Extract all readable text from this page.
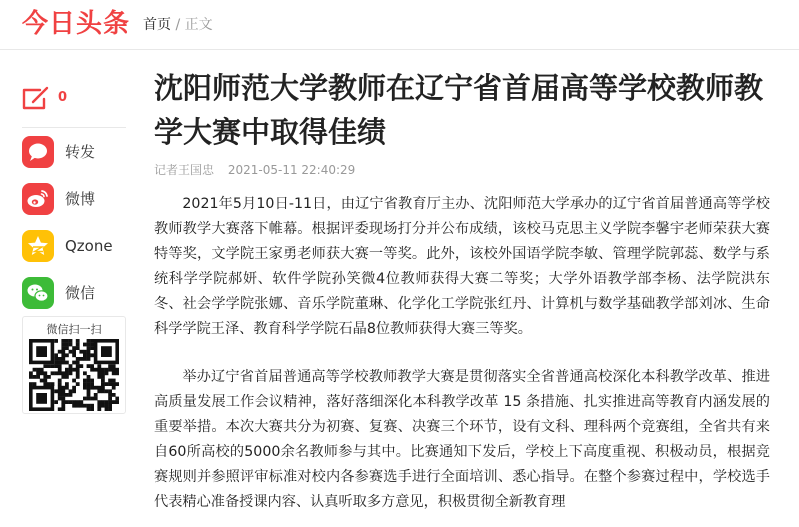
今日头条 首页 / 正文
0
转发
微博
Qzone
微信
微信扫一扫
沈阳师范大学教师在辽宁省首届高等学校教师教学大赛中取得佳绩
记者王国忠 2021-05-11 22:40:29

2021年5月10日-11日，由辽宁省教育厅主办、沈阳师范大学承办的辽宁省首届普通高等学校教师教学大赛落下帷幕。根据评委现场打分并公布成绩，该校马克思主义学院李馨宇老师荣获大赛特等奖，文学院王家勇老师获大赛一等奖。此外，该校外国语学院李敏、管理学院郭蕊、数学与系统科学学院郝妍、软件学院孙笑微4位教师获得大赛二等奖；大学外语教学部李杨、法学院洪东冬、社会学学院张娜、音乐学院董琳、化学化工学院张红丹、计算机与数学基础教学部刘冰、生命科学学院王泽、教育科学学院石晶8位教师获得大赛三等奖。

举办辽宁省首届普通高等学校教师教学大赛是贯彻落实全省普通高校深化本科教学改革、推进高质量发展工作会议精神，落好落细深化本科教学改革 15 条措施、扎实推进高等教育内涵发展的重要举措。本次大赛共分为初赛、复赛、决赛三个环节，设有文科、理科两个竞赛组，全省共有来自60所高校的5000余名教师参与其中。比赛通知下发后，学校上下高度重视、积极动员，根据竞赛规则并参照评审标准对校内各参赛选手进行全面培训、悉心指导。在整个参赛过程中，学校选手代表精心准备授课内容、认真听取多方意见，积极贯彻全新教育理
